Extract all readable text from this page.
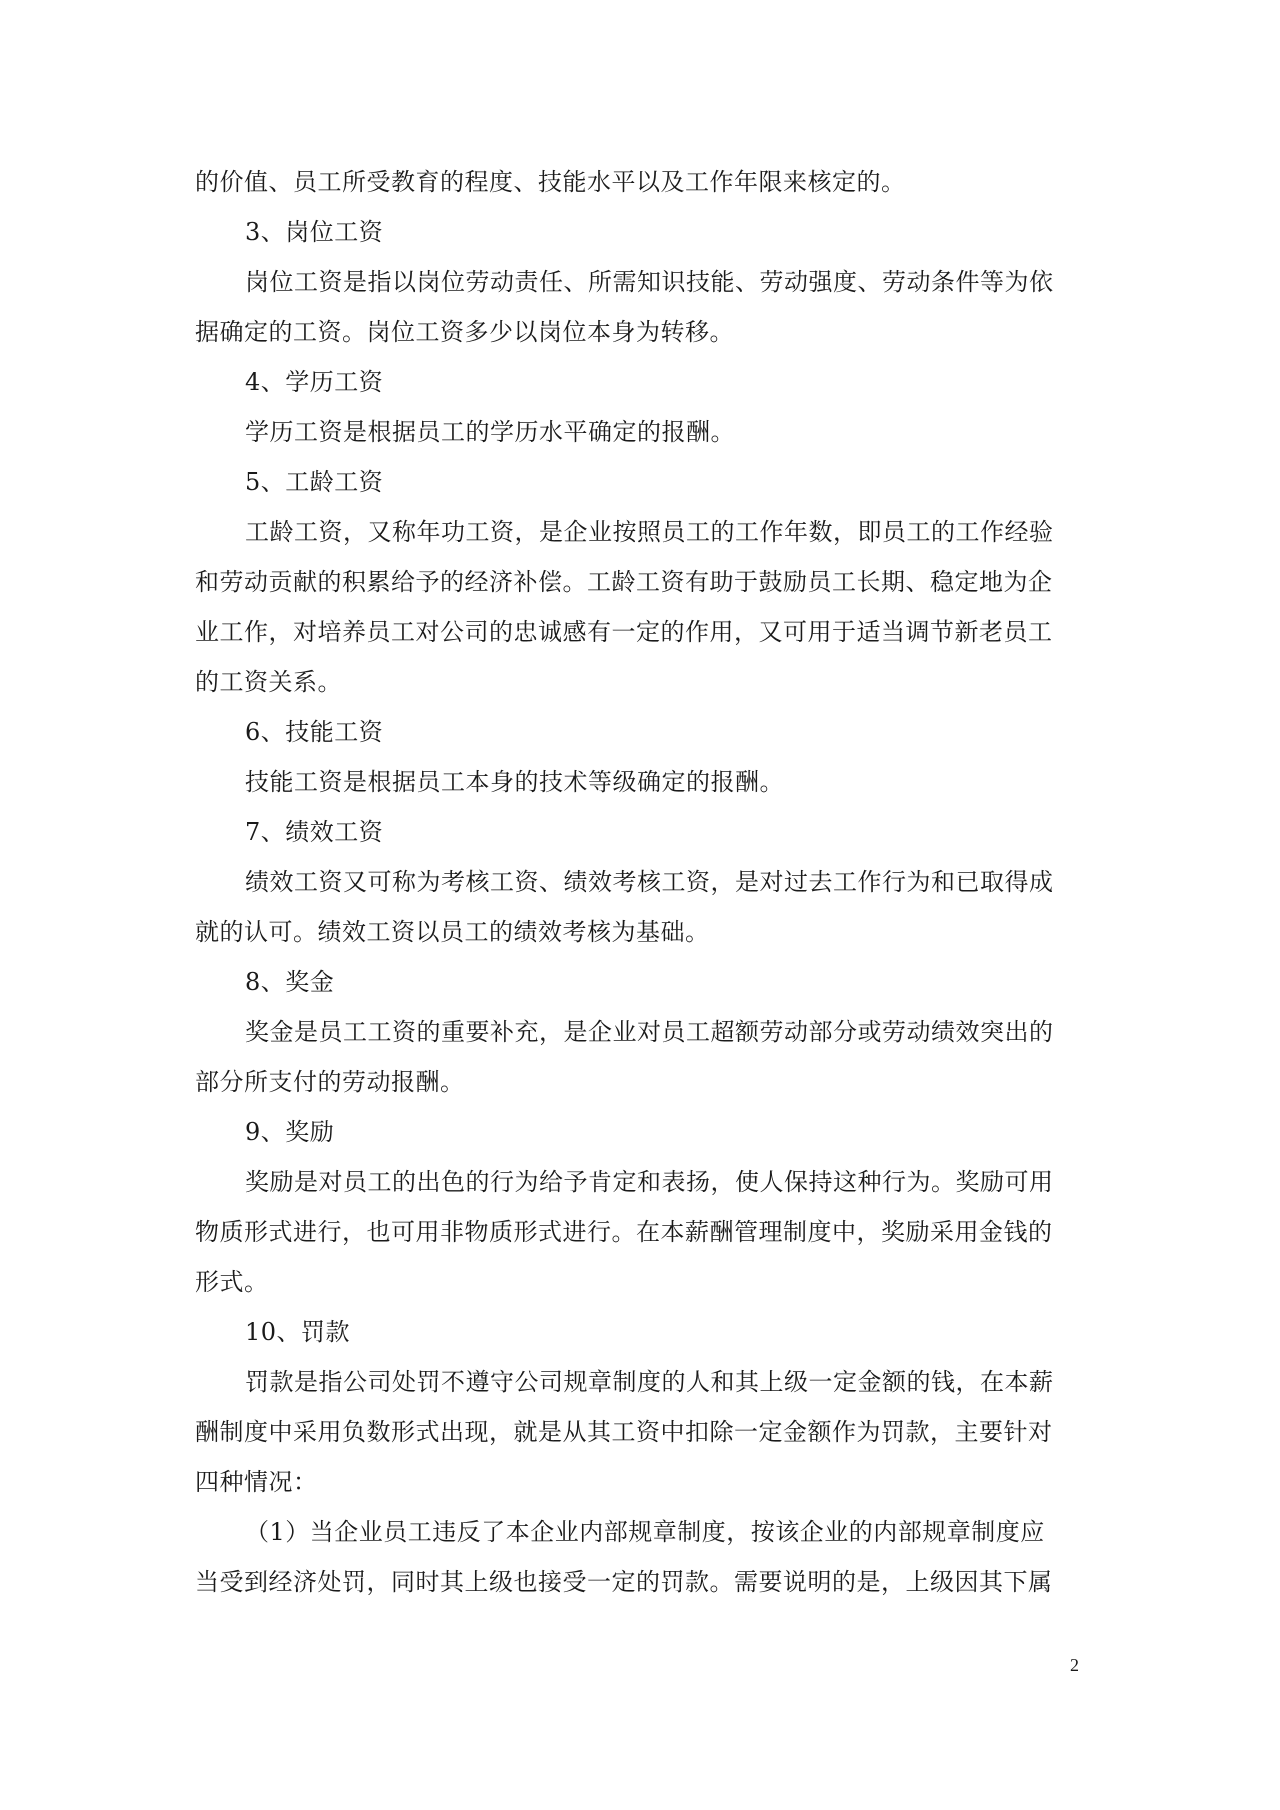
的价值、员工所受教育的程度、技能水平以及工作年限来核定的。
3、岗位工资
岗位工资是指以岗位劳动责任、所需知识技能、劳动强度、劳动条件等为依
据确定的工资。岗位工资多少以岗位本身为转移。
4、学历工资
学历工资是根据员工的学历水平确定的报酬。
5、工龄工资
工龄工资，又称年功工资，是企业按照员工的工作年数，即员工的工作经验
和劳动贡献的积累给予的经济补偿。工龄工资有助于鼓励员工长期、稳定地为企
业工作，对培养员工对公司的忠诚感有一定的作用，又可用于适当调节新老员工
的工资关系。
6、技能工资
技能工资是根据员工本身的技术等级确定的报酬。
7、绩效工资
绩效工资又可称为考核工资、绩效考核工资，是对过去工作行为和已取得成
就的认可。绩效工资以员工的绩效考核为基础。
8、奖金
奖金是员工工资的重要补充，是企业对员工超额劳动部分或劳动绩效突出的
部分所支付的劳动报酬。
9、奖励
奖励是对员工的出色的行为给予肯定和表扬，使人保持这种行为。奖励可用
物质形式进行，也可用非物质形式进行。在本薪酬管理制度中，奖励采用金钱的
形式。
10、罚款
罚款是指公司处罚不遵守公司规章制度的人和其上级一定金额的钱，在本薪
酬制度中采用负数形式出现，就是从其工资中扣除一定金额作为罚款，主要针对
四种情况：
（1）当企业员工违反了本企业内部规章制度，按该企业的内部规章制度应
当受到经济处罚，同时其上级也接受一定的罚款。需要说明的是，上级因其下属
2
